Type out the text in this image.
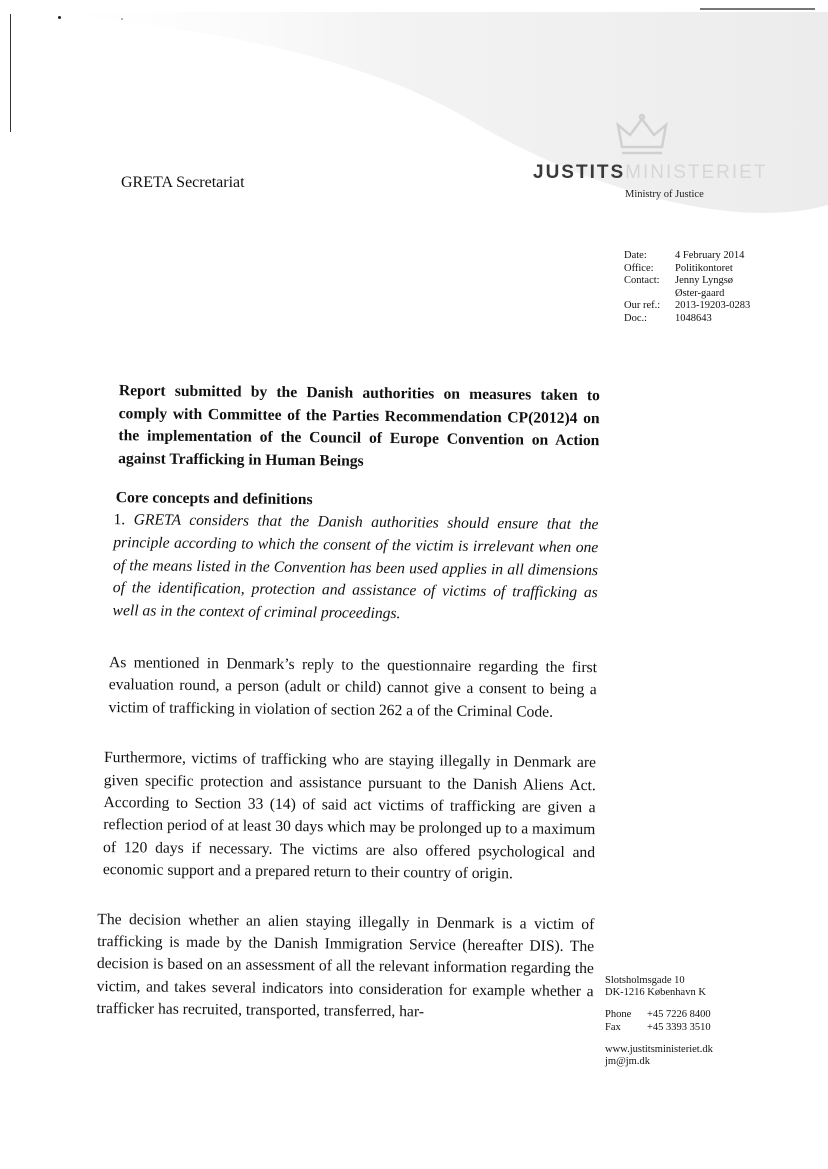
GRETA Secretariat	JUSTITSMINISTERIET
Ministry of Justice
Date:	4 February 2014
Office:	Politikontoret
Contact:	Jenny Lyngsø Øster-gaard
Our ref.:	2013-19203-0283
Doc.:	1048643
Report submitted by the Danish authorities on measures taken to comply with Committee of the Parties Recommendation CP(2012)4 on the implementation of the Council of Europe Convention on Action against Trafficking in Human Beings
Core concepts and definitions
1. GRETA considers that the Danish authorities should ensure that the principle according to which the consent of the victim is irrelevant when one of the means listed in the Convention has been used applies in all dimensions of the identification, protection and assistance of victims of trafficking as well as in the context of criminal proceedings.

As mentioned in Denmark’s reply to the questionnaire regarding the first evaluation round, a person (adult or child) cannot give a consent to being a victim of trafficking in violation of section 262 a of the Criminal Code.

Furthermore, victims of trafficking who are staying illegally in Denmark are given specific protection and assistance pursuant to the Danish Aliens Act. According to Section 33 (14) of said act victims of trafficking are given a reflection period of at least 30 days which may be prolonged up to a maximum of 120 days if necessary. The victims are also offered psychological and economic support and a prepared return to their country of origin.

The decision whether an alien staying illegally in Denmark is a victim of trafficking is made by the Danish Immigration Service (hereafter DIS). The decision is based on an assessment of all the relevant information regarding the victim, and takes several indicators into consideration for example whether a trafficker has recruited, transported, transferred, har-

Slotsholmsgade 10
DK-1216 København K
Phone +45 7226 8400
Fax	+45 3393 3510
www.justitsministeriet.dk
jm@jm.dk
